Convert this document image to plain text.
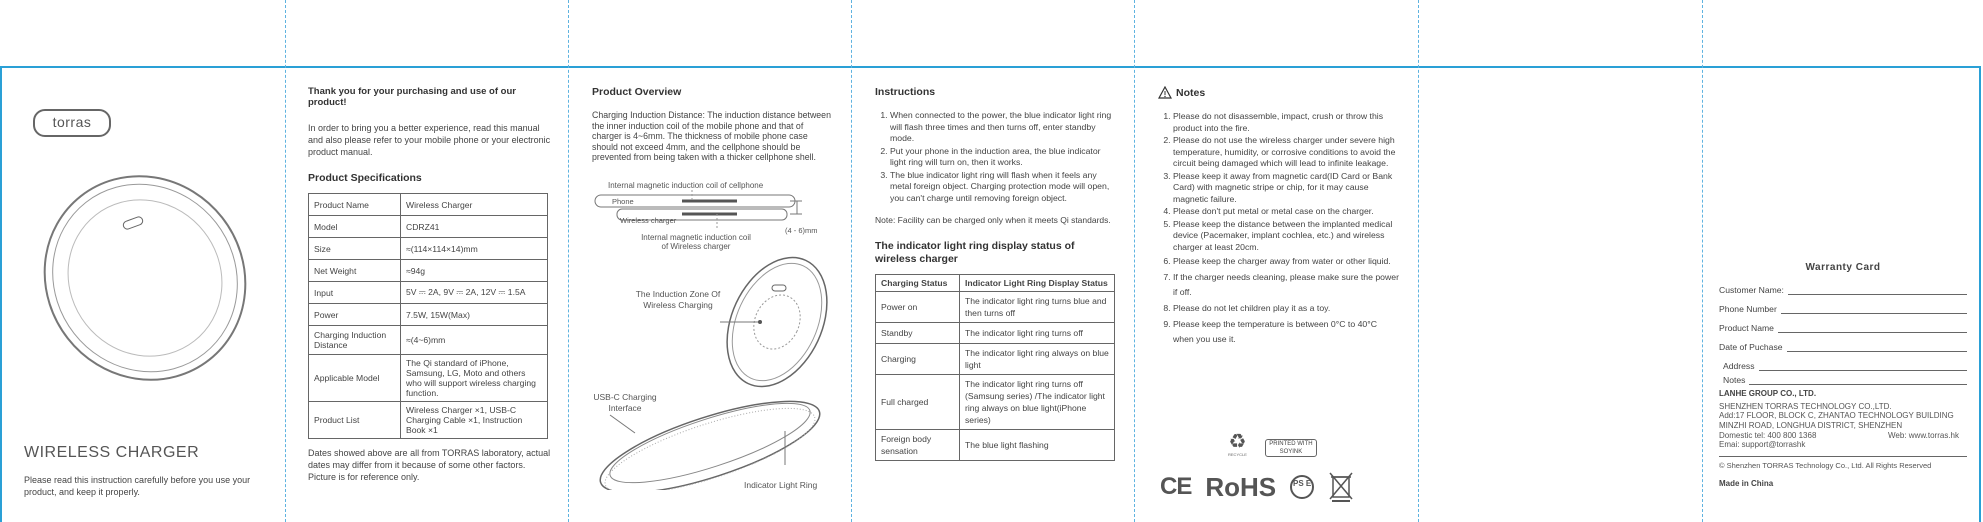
torras
WIRELESS CHARGER
Please read this instruction carefully before you use your product, and keep it properly.
Thank you for your purchasing and use of our product!
In order to bring you a better experience, read this manual and also please refer to your mobile phone or your electronic product manual.
Product Specifications
Product Name	Wireless Charger
Model	CDRZ41
Size	≈(114×114×14)mm
Net Weight	≈94g
Input	5V ⎓ 2A, 9V ⎓ 2A, 12V ⎓ 1.5A
Power	7.5W, 15W(Max)
Charging Induction Distance	≈(4~6)mm
Applicable Model	The Qi standard of iPhone, Samsung, LG, Moto and others who will support wireless charging function.
Product List	Wireless Charger ×1, USB-C Charging Cable ×1, Instruction Book ×1
Dates showed above are all from TORRAS laboratory, actual dates may differ from it because of some other factors. Picture is for reference only.
Product Overview
Charging Induction Distance: The induction distance between the inner induction coil of the mobile phone and that of charger is 4~6mm. The thickness of mobile phone case should not exceed 4mm, and the cellphone should be prevented from being taken with a thicker cellphone shell.
Internal magnetic induction coil of cellphone
Phone
Wireless charger
(4 - 6)mm
Internal magnetic induction coil of Wireless charger
The Induction Zone Of Wireless Charging
USB-C Charging Interface
Indicator Light Ring
Instructions
1. When connected to the power, the blue indicator light ring will flash three times and then turns off, enter standby mode.
2. Put your phone in the induction area, the blue indicator light ring will turn on, then it works.
3. The blue indicator light ring will flash when it feels any metal foreign object. Charging protection mode will open, you can't charge until removing foreign object.
Note: Facility can be charged only when it meets Qi standards.
The indicator light ring display status of wireless charger
Charging Status	Indicator Light Ring Display Status
Power on	The indicator light ring turns blue and then turns off
Standby	The indicator light ring turns off
Charging	The indicator light ring always on blue light
Full charged	The indicator light ring turns off (Samsung series) /The indicator light ring always on blue light(iPhone series)
Foreign body sensation	The blue light flashing
Notes
1. Please do not disassemble, impact, crush or throw this product into the fire.
2. Please do not use the wireless charger under severe high temperature, humidity, or corrosive conditions to avoid the circuit being damaged which will lead to infinite leakage.
3. Please keep it away from magnetic card(ID Card or Bank Card) with magnetic stripe or chip, for it may cause magnetic failure.
4. Please don't put metal or metal case on the charger.
5. Please keep the distance between the implanted medical device (Pacemaker, implant cochlea, etc.) and wireless charger at least 20cm.
6. Please keep the charger away from water or other liquid.
7. If the charger needs cleaning, please make sure the power if off.
8. Please do not let children play it as a toy.
9. Please keep the temperature is between 0°C to 40°C when you use it.
♻
RECYCLE
PRINTED WITH SOYINK
CE RoHS	PS E
Warranty Card
Customer Name:
Phone Number
Product Name
Date of Puchase
Address
Notes
LANHE GROUP CO., LTD.
SHENZHEN TORRAS TECHNOLOGY CO.,LTD.
Add:17 FLOOR, BLOCK C, ZHANTAO TECHNOLOGY BUILDING MINZHI ROAD, LONGHUA DISTRICT, SHENZHEN
Domestic tel: 400 800 1368	Web: www.torras.hk
Emai: support@torrashk
© Shenzhen TORRAS Technology Co., Ltd. All Rights Reserved
Made in China
